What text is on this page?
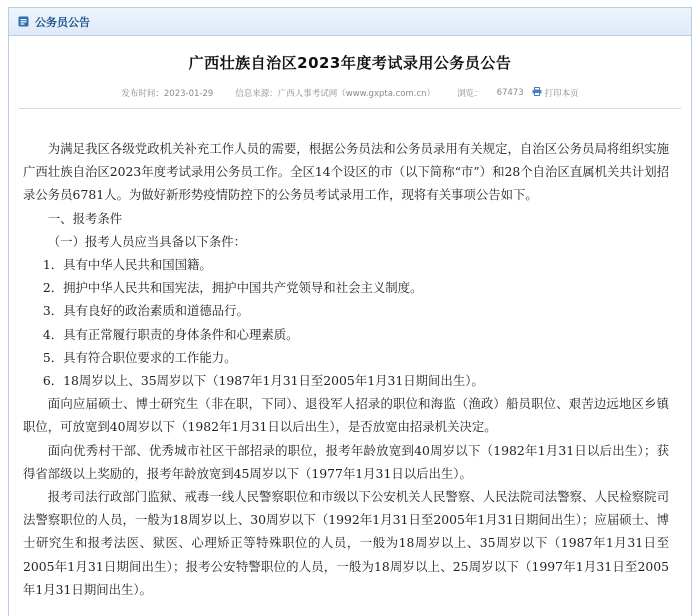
公务员公告
广西壮族自治区2023年度考试录用公务员公告
发布时间：2023-01-29	信息来源：广西人事考试网（www.gxpta.com.cn）	浏览： 67473 打印本页

为满足我区各级党政机关补充工作人员的需要，根据公务员法和公务员录用有关规定，自治区公务员局将组织实施广西壮族自治区2023年度考试录用公务员工作。全区14个设区的市（以下简称“市”）和28个自治区直属机关共计划招录公务员6781人。为做好新形势疫情防控下的公务员考试录用工作，现将有关事项公告如下。

一、报考条件

（一）报考人员应当具备以下条件：

1．具有中华人民共和国国籍。

2．拥护中华人民共和国宪法，拥护中国共产党领导和社会主义制度。

3．具有良好的政治素质和道德品行。

4．具有正常履行职责的身体条件和心理素质。

5．具有符合职位要求的工作能力。

6．18周岁以上、35周岁以下（1987年1月31日至2005年1月31日期间出生）。

面向应届硕士、博士研究生（非在职，下同）、退役军人招录的职位和海监（渔政）船员职位、艰苦边远地区乡镇职位，可放宽到40周岁以下（1982年1月31日以后出生），是否放宽由招录机关决定。

面向优秀村干部、优秀城市社区干部招录的职位，报考年龄放宽到40周岁以下（1982年1月31日以后出生）；获得省部级以上奖励的，报考年龄放宽到45周岁以下（1977年1月31日以后出生）。

报考司法行政部门监狱、戒毒一线人民警察职位和市级以下公安机关人民警察、人民法院司法警察、人民检察院司法警察职位的人员，一般为18周岁以上、30周岁以下（1992年1月31日至2005年1月31日期间出生）；应届硕士、博士研究生和报考法医、狱医、心理矫正等特殊职位的人员，一般为18周岁以上、35周岁以下（1987年1月31日至2005年1月31日期间出生）；报考公安特警职位的人员，一般为18周岁以上、25周岁以下（1997年1月31日至2005年1月31日期间出生）。
